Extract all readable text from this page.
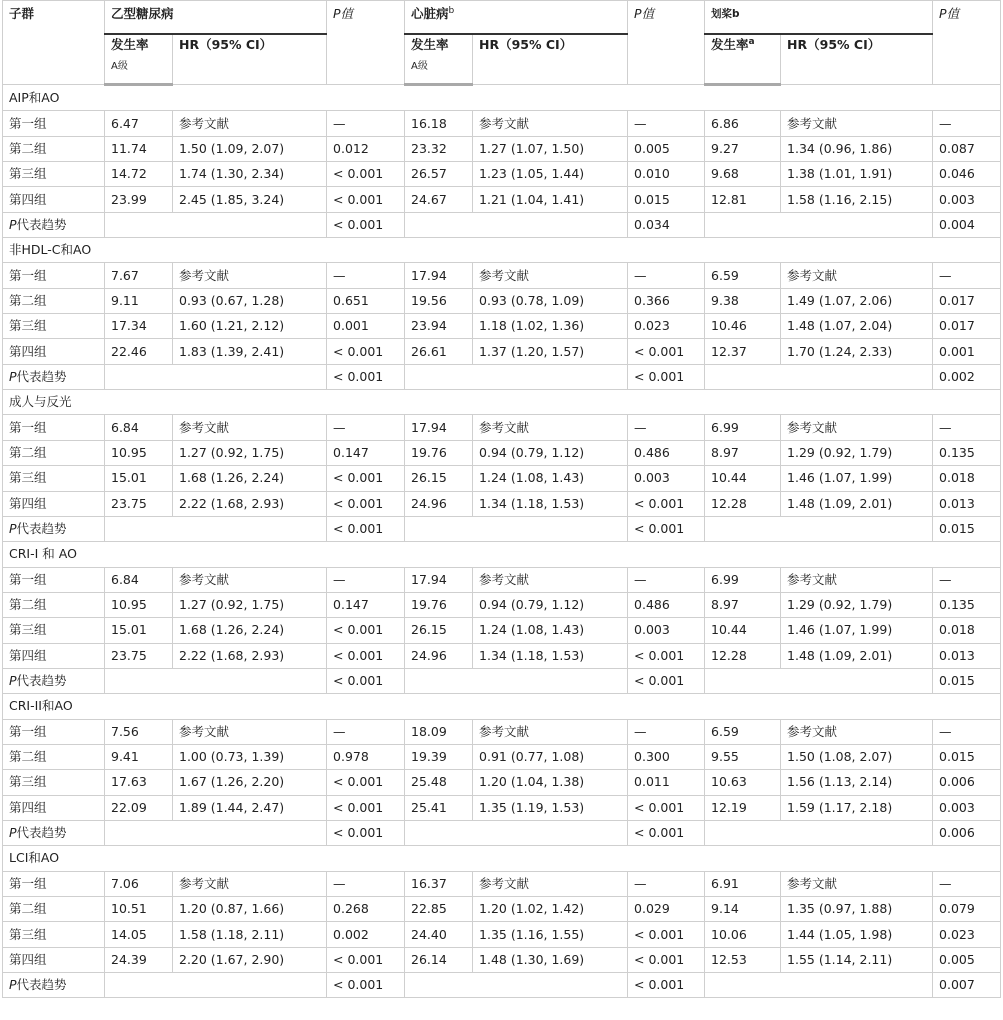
子群	乙型糖尿病		P值	心脏病$^b$		P值	划桨b		P值
	发生率	HR（95% CI）		发生率	HR（95% CI）		发生率$^a$	HR（95% CI）	
	A级			A级					
AIP和AO									
第一组	6.47	参考文献	—	16.18	参考文献	—	6.86	参考文献	—
第二组	11.74	1.50 (1.09, 2.07)	0.012	23.32	1.27 (1.07, 1.50)	0.005	9.27	1.34 (0.96, 1.86)	0.087
第三组	14.72	1.74 (1.30, 2.34)	< 0.001	26.57	1.23 (1.05, 1.44)	0.010	9.68	1.38 (1.01, 1.91)	0.046
第四组	23.99	2.45 (1.85, 3.24)	< 0.001	24.67	1.21 (1.04, 1.41)	0.015	12.81	1.58 (1.16, 2.15)	0.003
P代表趋势			< 0.001			0.034			0.004
非HDL-C和AO									
第一组	7.67	参考文献	—	17.94	参考文献	—	6.59	参考文献	—
第二组	9.11	0.93 (0.67, 1.28)	0.651	19.56	0.93 (0.78, 1.09)	0.366	9.38	1.49 (1.07, 2.06)	0.017
第三组	17.34	1.60 (1.21, 2.12)	0.001	23.94	1.18 (1.02, 1.36)	0.023	10.46	1.48 (1.07, 2.04)	0.017
第四组	22.46	1.83 (1.39, 2.41)	< 0.001	26.61	1.37 (1.20, 1.57)	< 0.001	12.37	1.70 (1.24, 2.33)	0.001
P代表趋势			< 0.001			< 0.001			0.002
成人与反光									
第一组	6.84	参考文献	—	17.94	参考文献	—	6.99	参考文献	—
第二组	10.95	1.27 (0.92, 1.75)	0.147	19.76	0.94 (0.79, 1.12)	0.486	8.97	1.29 (0.92, 1.79)	0.135
第三组	15.01	1.68 (1.26, 2.24)	< 0.001	26.15	1.24 (1.08, 1.43)	0.003	10.44	1.46 (1.07, 1.99)	0.018
第四组	23.75	2.22 (1.68, 2.93)	< 0.001	24.96	1.34 (1.18, 1.53)	< 0.001	12.28	1.48 (1.09, 2.01)	0.013
P代表趋势			< 0.001			< 0.001			0.015
CRI-I 和 AO									
第一组	6.84	参考文献	—	17.94	参考文献	—	6.99	参考文献	—
第二组	10.95	1.27 (0.92, 1.75)	0.147	19.76	0.94 (0.79, 1.12)	0.486	8.97	1.29 (0.92, 1.79)	0.135
第三组	15.01	1.68 (1.26, 2.24)	< 0.001	26.15	1.24 (1.08, 1.43)	0.003	10.44	1.46 (1.07, 1.99)	0.018
第四组	23.75	2.22 (1.68, 2.93)	< 0.001	24.96	1.34 (1.18, 1.53)	< 0.001	12.28	1.48 (1.09, 2.01)	0.013
P代表趋势			< 0.001			< 0.001			0.015
CRI-II和AO									
第一组	7.56	参考文献	—	18.09	参考文献	—	6.59	参考文献	—
第二组	9.41	1.00 (0.73, 1.39)	0.978	19.39	0.91 (0.77, 1.08)	0.300	9.55	1.50 (1.08, 2.07)	0.015
第三组	17.63	1.67 (1.26, 2.20)	< 0.001	25.48	1.20 (1.04, 1.38)	0.011	10.63	1.56 (1.13, 2.14)	0.006
第四组	22.09	1.89 (1.44, 2.47)	< 0.001	25.41	1.35 (1.19, 1.53)	< 0.001	12.19	1.59 (1.17, 2.18)	0.003
P代表趋势			< 0.001			< 0.001			0.006
LCI和AO									
第一组	7.06	参考文献	—	16.37	参考文献	—	6.91	参考文献	—
第二组	10.51	1.20 (0.87, 1.66)	0.268	22.85	1.20 (1.02, 1.42)	0.029	9.14	1.35 (0.97, 1.88)	0.079
第三组	14.05	1.58 (1.18, 2.11)	0.002	24.40	1.35 (1.16, 1.55)	< 0.001	10.06	1.44 (1.05, 1.98)	0.023
第四组	24.39	2.20 (1.67, 2.90)	< 0.001	26.14	1.48 (1.30, 1.69)	< 0.001	12.53	1.55 (1.14, 2.11)	0.005
P代表趋势			< 0.001			< 0.001			0.007
